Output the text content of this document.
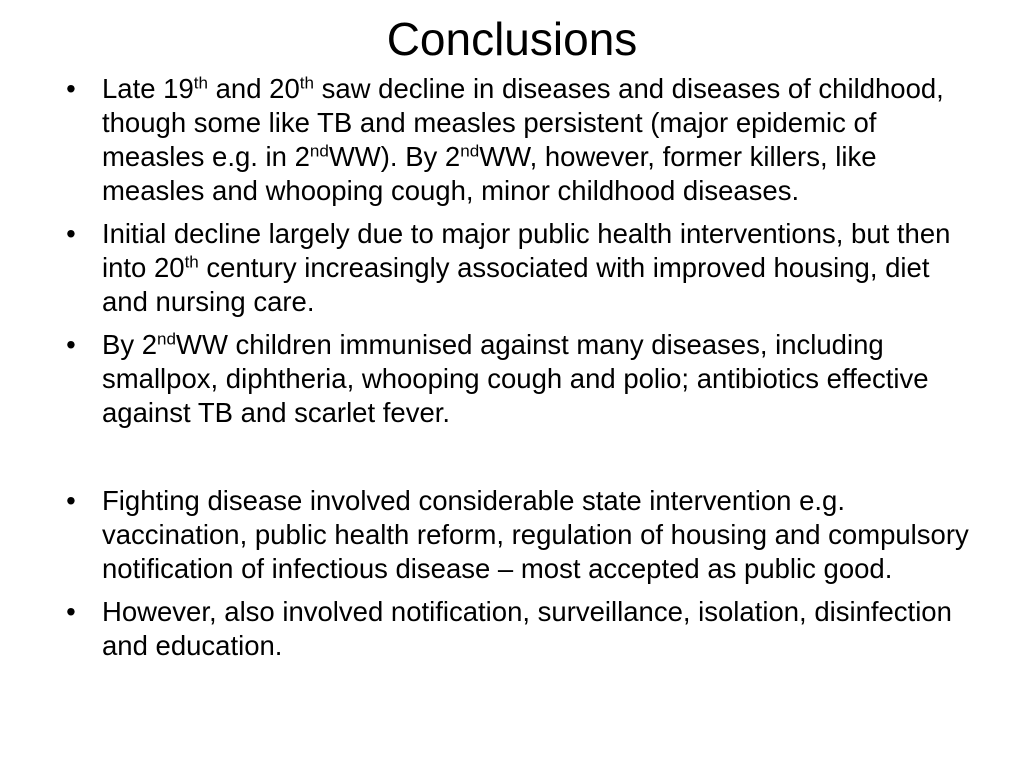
Conclusions
• Late 19th and 20th saw decline in diseases and diseases of childhood, though some like TB and measles persistent (major epidemic of measles e.g. in 2ndWW). By 2ndWW, however, former killers, like measles and whooping cough, minor childhood diseases.
• Initial decline largely due to major public health interventions, but then into 20th century increasingly associated with improved housing, diet and nursing care.
• By 2ndWW children immunised against many diseases, including smallpox, diphtheria, whooping cough and polio; antibiotics effective against TB and scarlet fever.
• Fighting disease involved considerable state intervention e.g. vaccination, public health reform, regulation of housing and compulsory notification of infectious disease – most accepted as public good.
• However, also involved notification, surveillance, isolation, disinfection and education.
